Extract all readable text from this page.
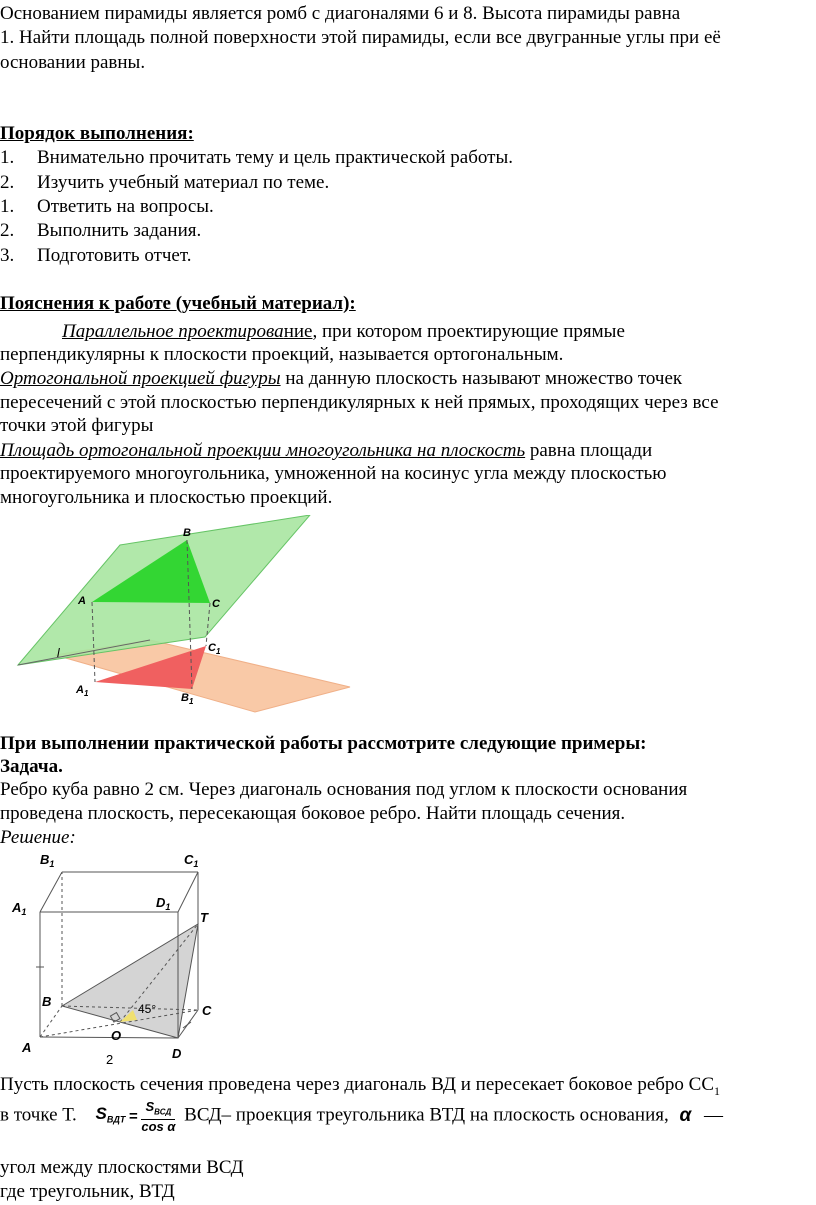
Основанием пирамиды является ромб с диагоналями 6 и 8. Высота пирамиды равна
1. Найти площадь полной поверхности этой пирамиды, если все двугранные углы при её
основании равны.
Порядок выполнения:
1. Внимательно прочитать тему и цель практической работы.
2. Изучить учебный материал по теме.
1. Ответить на вопросы.
2. Выполнить задания.
3. Подготовить отчет.
Пояснения к работе (учебный материал):
Параллельное проектирование, при котором проектирующие прямые
перпендикулярны к плоскости проекций, называется ортогональным.
Ортогональной проекцией фигуры на данную плоскость называют множество точек
пересечений с этой плоскостью перпендикулярных к ней прямых, проходящих через все
точки этой фигуры
Площадь ортогональной проекции многоугольника на плоскость равна площади
проектируемого многоугольника, умноженной на косинус угла между плоскостью
многоугольника и плоскостью проекций.
A
B
C
$C_1$
$A_1$	$B_1$
l
При выполнении практической работы рассмотрите следующие примеры:
Задача.
Ребро куба равно 2 см. Через диагональ основания под углом к плоскости основания
проведена плоскость, пересекающая боковое ребро. Найти площадь сечения.
Решение:
$B_1$	$C_1$
$A_1$
$D_1$
T
B
C
45°
O
A	D
2
Пусть плоскость сечения проведена через диагональ ВД и пересекает боковое ребро $СС_1$
в точке Т. $S_{ВДТ}$ =
$S_{ВСД}$
cos α
ВСД– проекция треугольника ВТД на плоскость основания, α —
угол между плоскостями ВСД
где треугольник, ВТД
